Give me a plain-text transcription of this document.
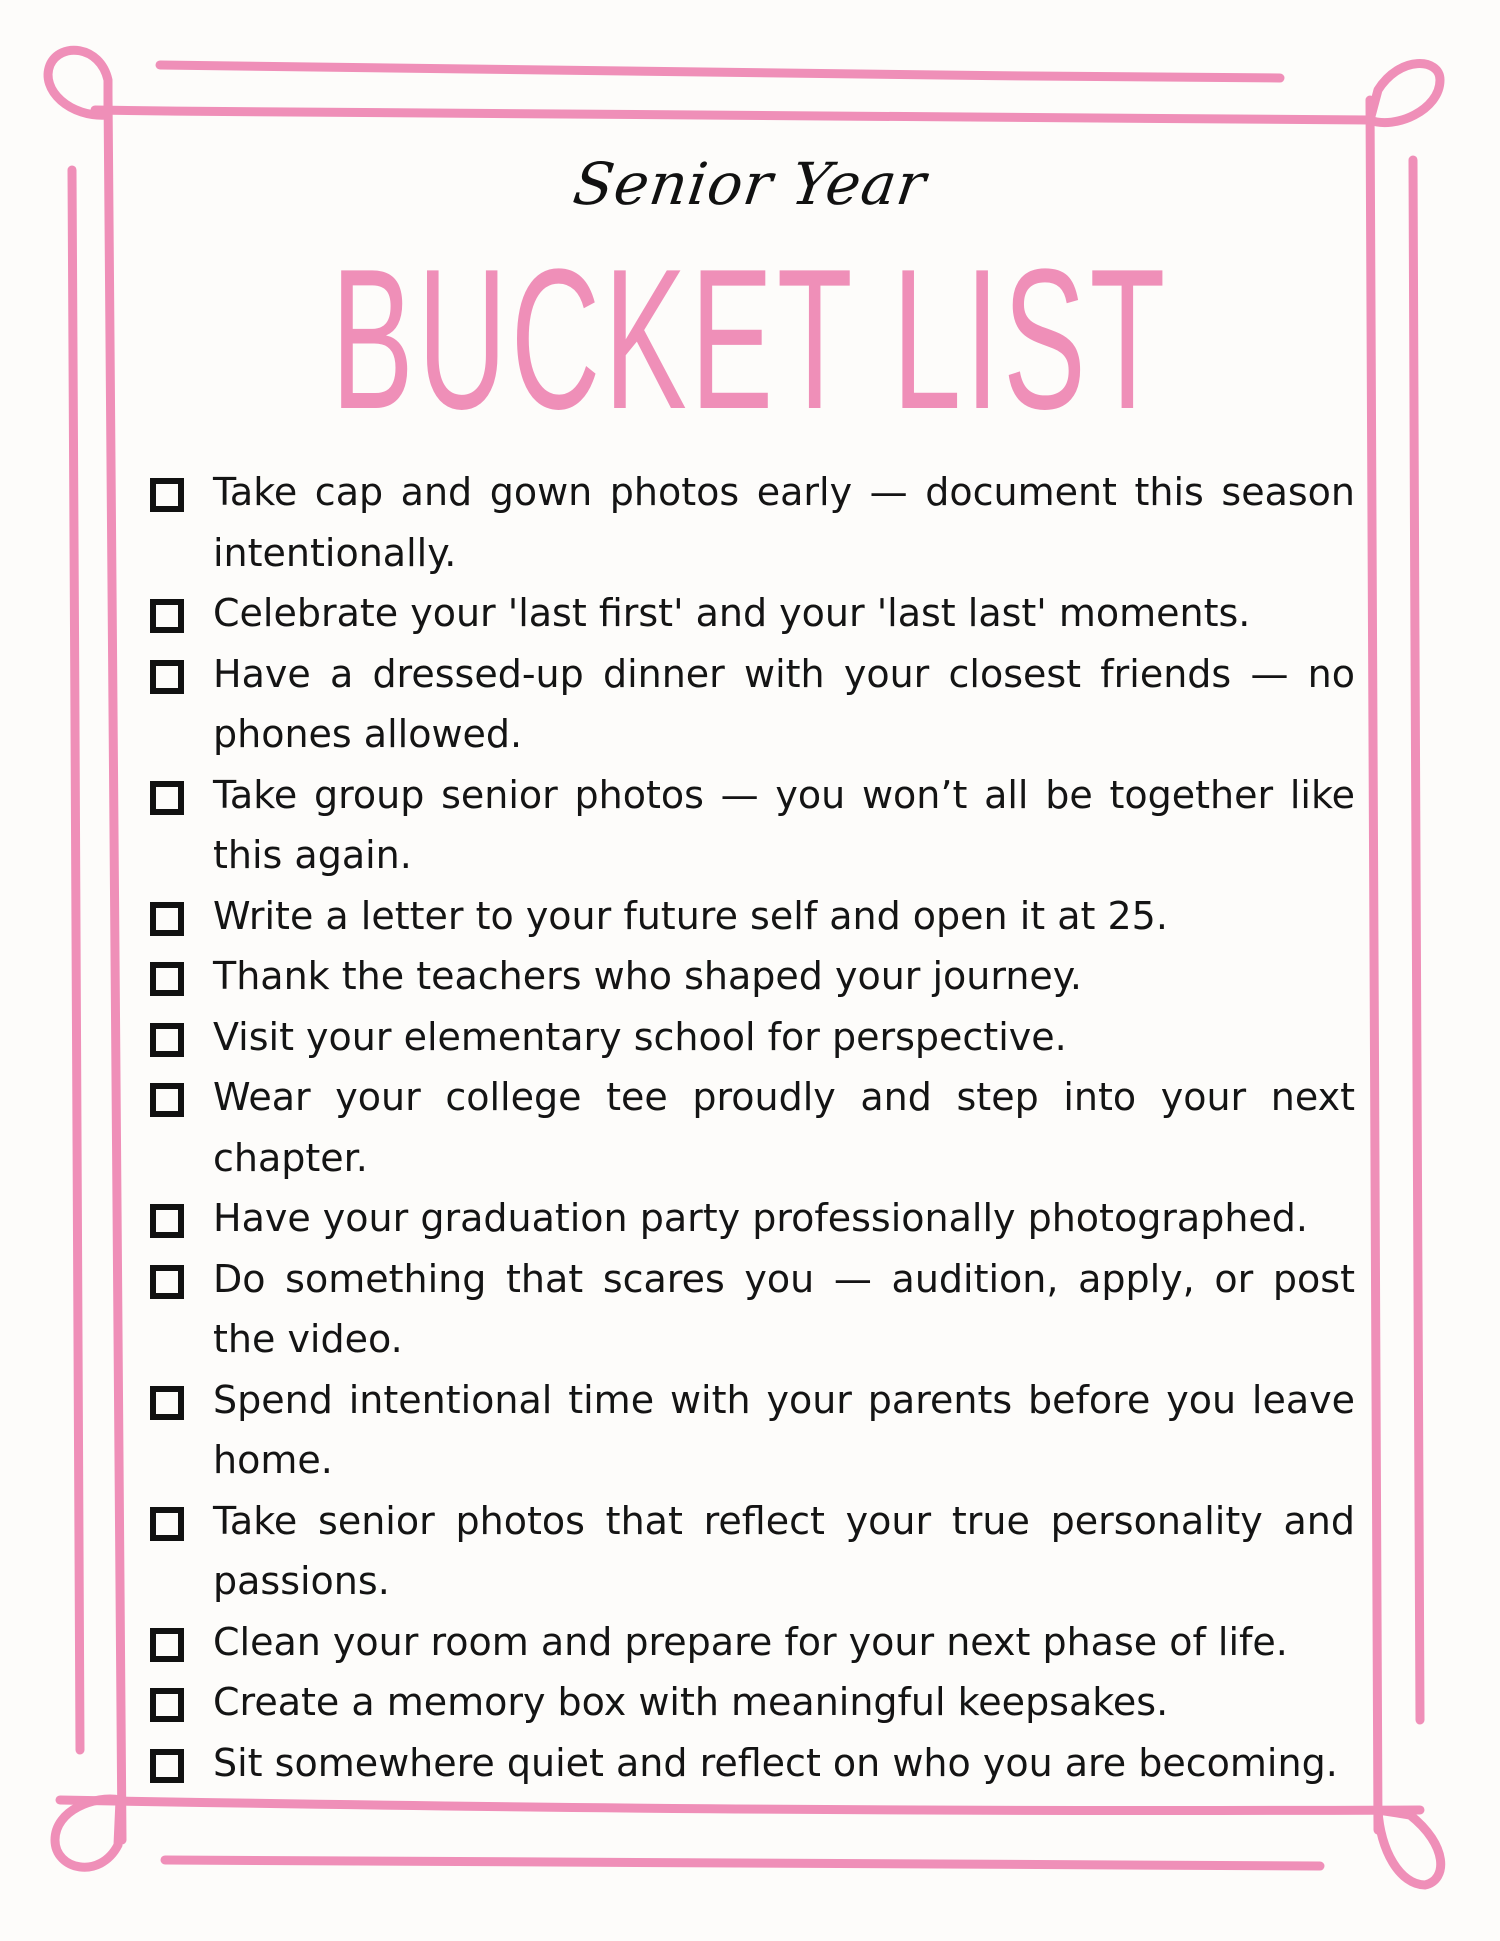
Senior Year
BUCKET LIST
Take cap and gown photos early — document this season intentionally.
Celebrate your 'last first' and your 'last last' moments.
Have a dressed-up dinner with your closest friends — no phones allowed.
Take group senior photos — you won’t all be together like this again.
Write a letter to your future self and open it at 25.
Thank the teachers who shaped your journey.
Visit your elementary school for perspective.
Wear your college tee proudly and step into your next chapter.
Have your graduation party professionally photographed.
Do something that scares you — audition, apply, or post the video.
Spend intentional time with your parents before you leave home.
Take senior photos that reflect your true personality and passions.
Clean your room and prepare for your next phase of life.
Create a memory box with meaningful keepsakes.
Sit somewhere quiet and reflect on who you are becoming.
